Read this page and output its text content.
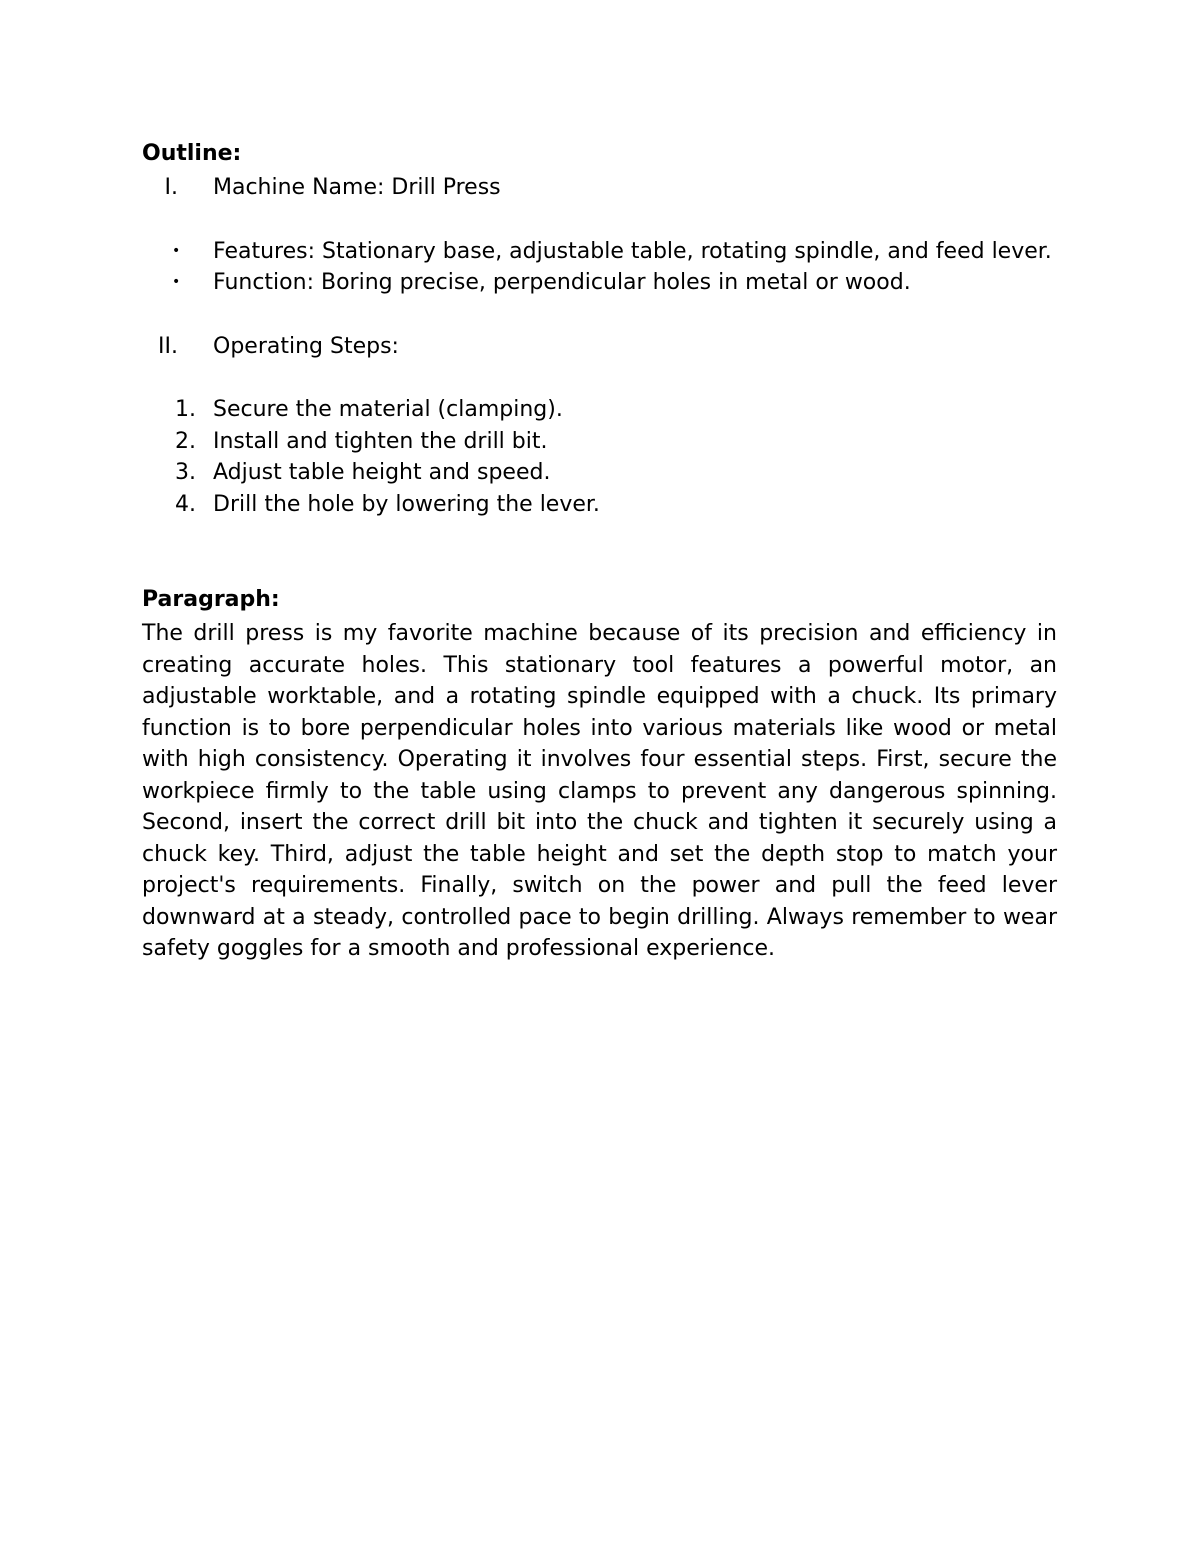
Outline:

I. Machine Name: Drill Press

• Features: Stationary base, adjustable table, rotating spindle, and feed lever.
• Function: Boring precise, perpendicular holes in metal or wood.

II. Operating Steps:

1. Secure the material (clamping).
2. Install and tighten the drill bit.
3. Adjust table height and speed.
4. Drill the hole by lowering the lever.

Paragraph:

The drill press is my favorite machine because of its precision and efficiency in creating accurate holes. This stationary tool features a powerful motor, an adjustable worktable, and a rotating spindle equipped with a chuck. Its primary function is to bore perpendicular holes into various materials like wood or metal with high consistency. Operating it involves four essential steps. First, secure the workpiece firmly to the table using clamps to prevent any dangerous spinning. Second, insert the correct drill bit into the chuck and tighten it securely using a chuck key. Third, adjust the table height and set the depth stop to match your project's requirements. Finally, switch on the power and pull the feed lever downward at a steady, controlled pace to begin drilling. Always remember to wear safety goggles for a smooth and professional experience.
